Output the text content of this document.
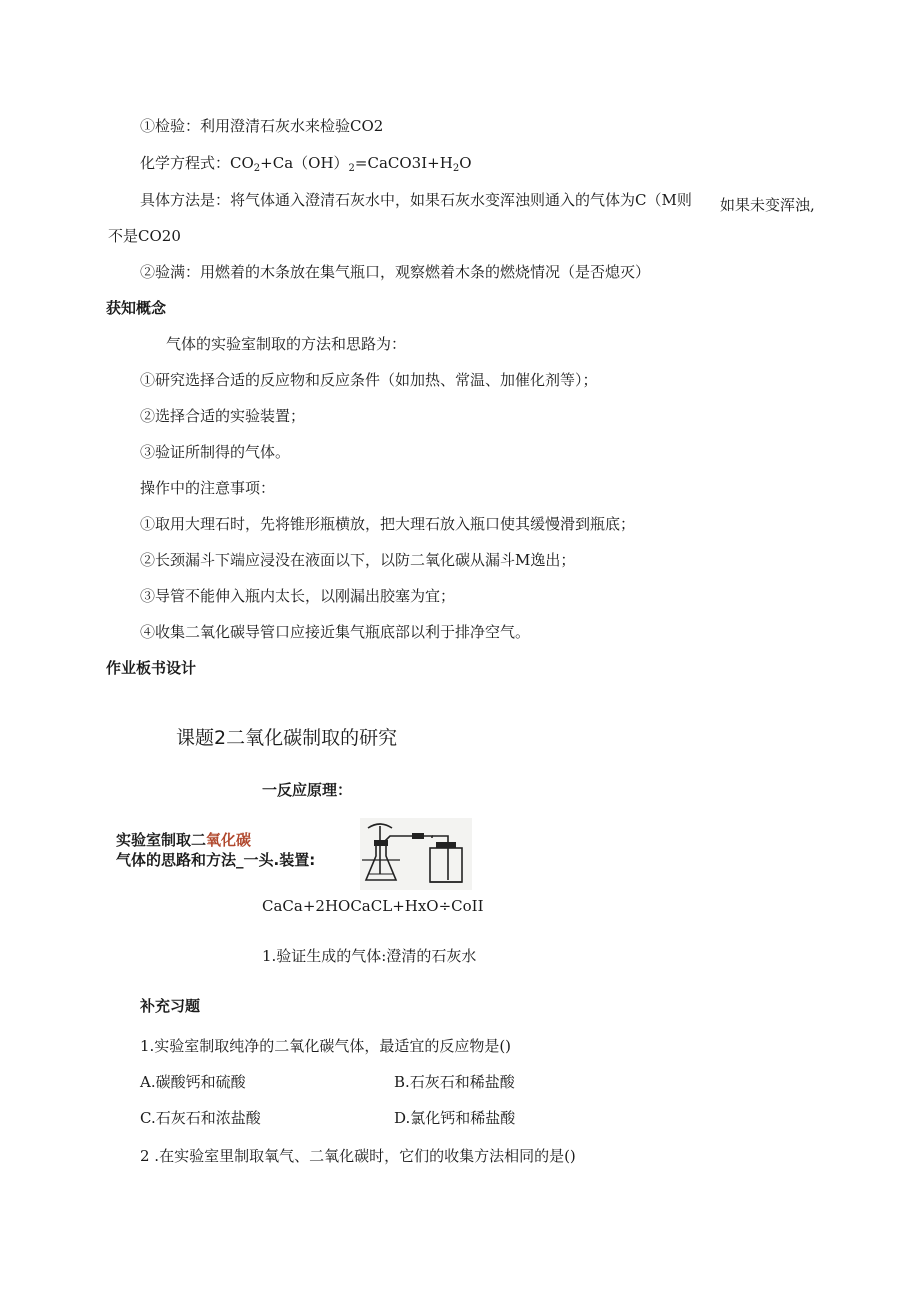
①检验：利用澄清石灰水来检验CO2
化学方程式：$CO_2+Ca(OH)_2=CaCO3I+H_2O$
具体方法是：将气体通入澄清石灰水中，如果石灰水变浑浊则通入的气体为C（M则 如果未变浑浊,
不是CO20
②验满：用燃着的木条放在集气瓶口，观察燃着木条的燃烧情况（是否熄灭）
获知概念
气体的实验室制取的方法和思路为：
①研究选择合适的反应物和反应条件（如加热、常温、加催化剂等）；
②选择合适的实验装置；
③验证所制得的气体。
操作中的注意事项：
①取用大理石时，先将锥形瓶横放，把大理石放入瓶口使其缓慢滑到瓶底；
②长颈漏斗下端应浸没在液面以下，以防二氧化碳从漏斗M逸出；
③导管不能伸入瓶内太长，以刚漏出胶塞为宜；
④收集二氧化碳导管口应接近集气瓶底部以利于排净空气。
作业板书设计
课题2二氧化碳制取的研究
一反应原理：
实验室制取二氧化碳
气体的思路和方法_一头.装置:
CaCa+2HOCaCL+HxO÷CoII
1.验证生成的气体:澄清的石灰水
补充习题
1.实验室制取纯净的二氧化碳气体，最适宜的反应物是()
A.碳酸钙和硫酸	B.石灰石和稀盐酸
C.石灰石和浓盐酸	D.氯化钙和稀盐酸
2 .在实验室里制取氧气、二氧化碳时，它们的收集方法相同的是()
